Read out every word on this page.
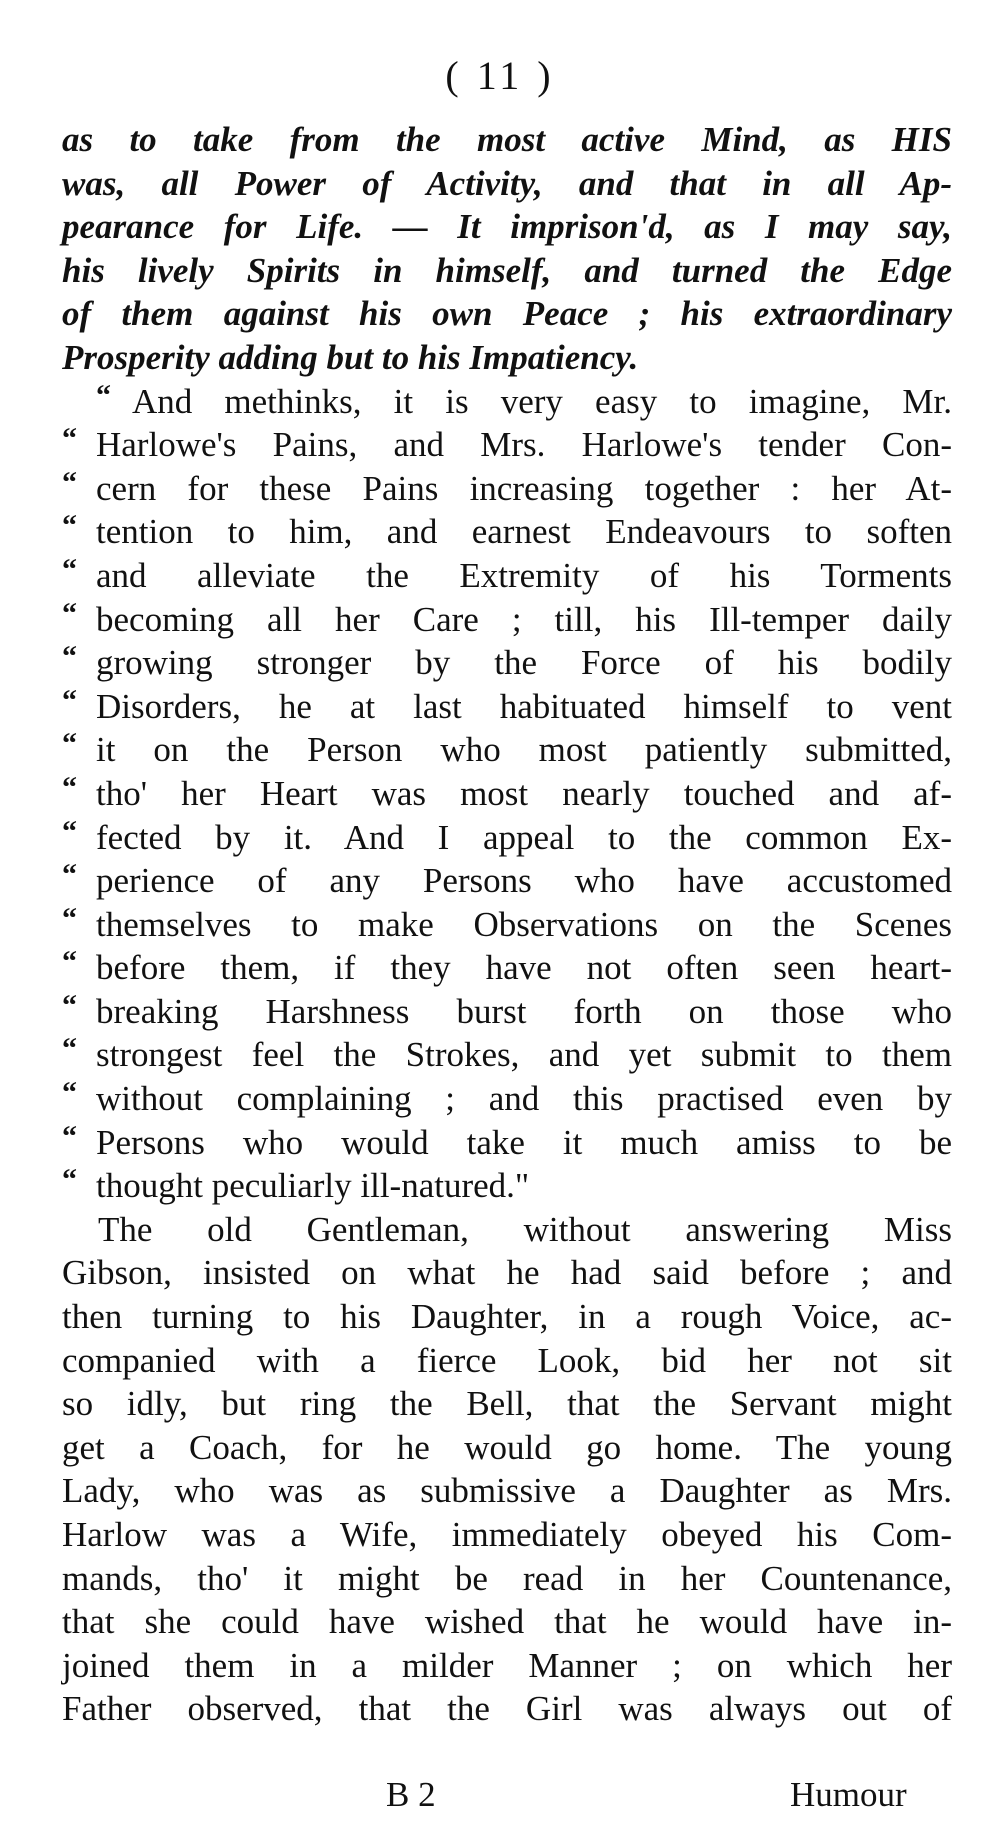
( 11 )
as to take from the most active Mind, as HIS
was, all Power of Activity, and that in all Ap-
pearance for Life. — It imprison'd, as I may say,
his lively Spirits in himself, and turned the Edge
of them against his own Peace ; his extraordinary
Prosperity adding but to his Impatiency.
“ And methinks, it is very easy to imagine, Mr.
“ Harlowe's Pains, and Mrs. Harlowe's tender Con-
“ cern for these Pains increasing together : her At-
“ tention to him, and earnest Endeavours to soften
“ and alleviate the Extremity of his Torments
“ becoming all her Care ; till, his Ill-temper daily
“ growing stronger by the Force of his bodily
“ Disorders, he at last habituated himself to vent
“ it on the Person who most patiently submitted,
“ tho' her Heart was most nearly touched and af-
“ fected by it. And I appeal to the common Ex-
“ perience of any Persons who have accustomed
“ themselves to make Observations on the Scenes
“ before them, if they have not often seen heart-
“ breaking Harshness burst forth on those who
“ strongest feel the Strokes, and yet submit to them
“ without complaining ; and this practised even by
“ Persons who would take it much amiss to be
“ thought peculiarly ill-natured."
The old Gentleman, without answering Miss
Gibson, insisted on what he had said before ; and
then turning to his Daughter, in a rough Voice, ac-
companied with a fierce Look, bid her not sit
so idly, but ring the Bell, that the Servant might
get a Coach, for he would go home. The young
Lady, who was as submissive a Daughter as Mrs.
Harlow was a Wife, immediately obeyed his Com-
mands, tho' it might be read in her Countenance,
that she could have wished that he would have in-
joined them in a milder Manner ; on which her
Father observed, that the Girl was always out of
B 2	Humour
